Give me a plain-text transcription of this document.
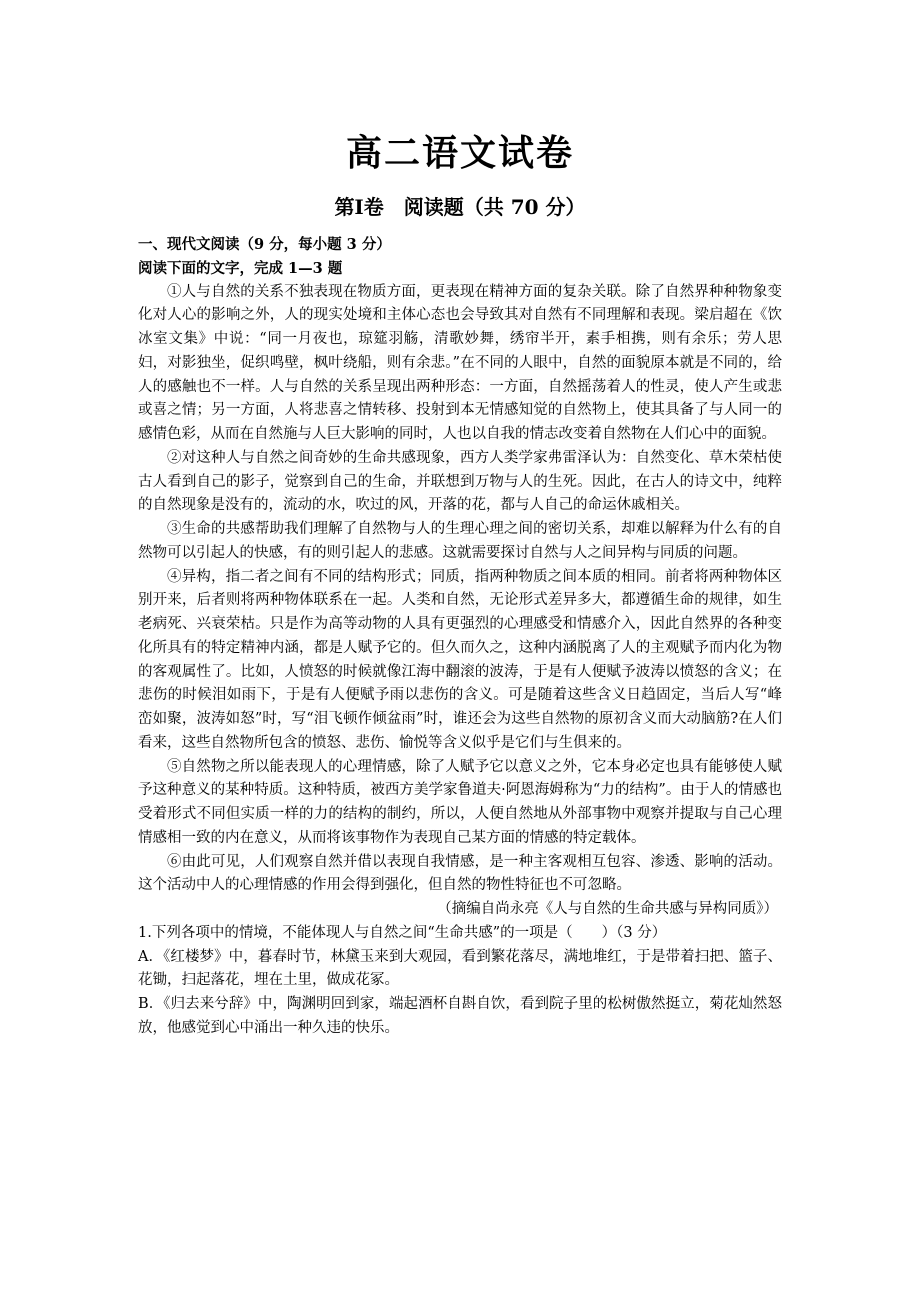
高二语文试卷
第Ⅰ卷　阅读题（共 70 分）

一、现代文阅读（9 分，每小题 3 分）

阅读下面的文字，完成 1—3 题

①人与自然的关系不独表现在物质方面，更表现在精神方面的复杂关联。除了自然界种种物象变化对人心的影响之外，人的现实处境和主体心态也会导致其对自然有不同理解和表现。梁启超在《饮冰室文集》中说：“同一月夜也，琼筵羽觞，清歌妙舞，绣帘半开，素手相携，则有余乐；劳人思妇，对影独坐，促织鸣壁，枫叶绕船，则有余悲。”在不同的人眼中，自然的面貌原本就是不同的，给人的感触也不一样。人与自然的关系呈现出两种形态：一方面，自然摇荡着人的性灵，使人产生或悲或喜之情；另一方面，人将悲喜之情转移、投射到本无情感知觉的自然物上，使其具备了与人同一的感情色彩，从而在自然施与人巨大影响的同时，人也以自我的情志改变着自然物在人们心中的面貌。

②对这种人与自然之间奇妙的生命共感现象，西方人类学家弗雷泽认为：自然变化、草木荣枯使古人看到自己的影子，觉察到自己的生命，并联想到万物与人的生死。因此，在古人的诗文中，纯粹的自然现象是没有的，流动的水，吹过的风，开落的花，都与人自己的命运休戚相关。

③生命的共感帮助我们理解了自然物与人的生理心理之间的密切关系，却难以解释为什么有的自然物可以引起人的快感，有的则引起人的悲感。这就需要探讨自然与人之间异构与同质的问题。

④异构，指二者之间有不同的结构形式；同质，指两种物质之间本质的相同。前者将两种物体区别开来，后者则将两种物体联系在一起。人类和自然，无论形式差异多大，都遵循生命的规律，如生老病死、兴衰荣枯。只是作为高等动物的人具有更强烈的心理感受和情感介入，因此自然界的各种变化所具有的特定精神内涵，都是人赋予它的。但久而久之，这种内涵脱离了人的主观赋予而内化为物的客观属性了。比如，人愤怒的时候就像江海中翻滚的波涛，于是有人便赋予波涛以愤怒的含义；在悲伤的时候泪如雨下，于是有人便赋予雨以悲伤的含义。可是随着这些含义日趋固定，当后人写“峰峦如聚，波涛如怒”时，写“泪飞顿作倾盆雨”时，谁还会为这些自然物的原初含义而大动脑筋?在人们看来，这些自然物所包含的愤怒、悲伤、愉悦等含义似乎是它们与生俱来的。

⑤自然物之所以能表现人的心理情感，除了人赋予它以意义之外，它本身必定也具有能够使人赋予这种意义的某种特质。这种特质，被西方美学家鲁道夫·阿恩海姆称为“力的结构”。由于人的情感也受着形式不同但实质一样的力的结构的制约，所以，人便自然地从外部事物中观察并提取与自己心理情感相一致的内在意义，从而将该事物作为表现自己某方面的情感的特定载体。

⑥由此可见，人们观察自然并借以表现自我情感，是一种主客观相互包容、渗透、影响的活动。这个活动中人的心理情感的作用会得到强化，但自然的物性特征也不可忽略。

（摘编自尚永亮《人与自然的生命共感与异构同质》）

1.下列各项中的情境，不能体现人与自然之间“生命共感”的一项是（　　）（3 分）

A．《红楼梦》中，暮春时节，林黛玉来到大观园，看到繁花落尽，满地堆红，于是带着扫把、篮子、花锄，扫起落花，埋在土里，做成花冢。

B．《归去来兮辞》中，陶渊明回到家，端起酒杯自斟自饮，看到院子里的松树傲然挺立，菊花灿然怒放，他感觉到心中涌出一种久违的快乐。
